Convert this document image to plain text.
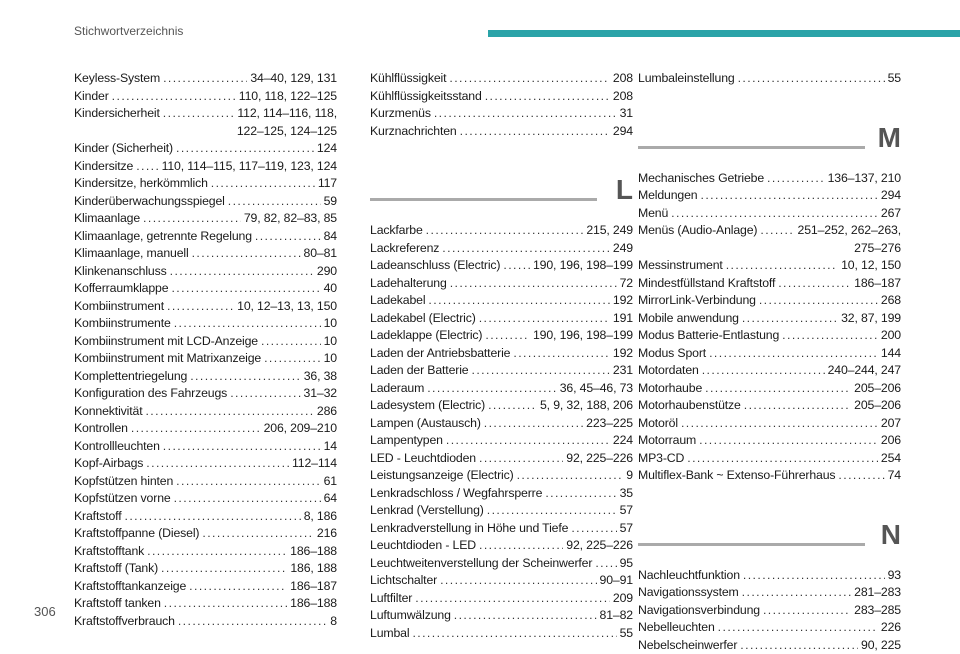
Stichwortverzeichnis
306
Keyless-System . . .	34–40, 129, 131
Kinder . . .	110, 118, 122–125
Kindersicherheit . . .	112, 114–116, 118,
122–125, 124–125
Kinder (Sicherheit) . . .	124
Kindersitze . . . 110, 114–115, 117–119, 123, 124
Kindersitze, herkömmlich . . .	117
Kinderüberwachungsspiegel . . .	59
Klimaanlage . . .	79, 82, 82–83, 85
Klimaanlage, getrennte Regelung . . .	84
Klimaanlage, manuell . . .	80–81
Klinkenanschluss . . .	290
Kofferraumklappe . . .	40
Kombiinstrument . . .	10, 12–13, 13, 150
Kombiinstrumente . . .	10
Kombiinstrument mit LCD-Anzeige . . .	10
Kombiinstrument mit Matrixanzeige . . .	10
Komplettentriegelung . . .	36, 38
Konfiguration des Fahrzeugs . . .	31–32
Konnektivität . . .	286
Kontrollen . . .	206, 209–210
Kontrollleuchten . . .	14
Kopf-Airbags . . .	112–114
Kopfstützen hinten . . .	61
Kopfstützen vorne . . .	64
Kraftstoff . . .	8, 186
Kraftstoffpanne (Diesel) . . .	216
Kraftstofftank . . .	186–188
Kraftstoff (Tank) . . .	186, 188
Kraftstofftankanzeige . . .	186–187
Kraftstoff tanken . . .	186–188
Kraftstoffverbrauch . . .	8
Kühlflüssigkeit . . .	208
Kühlflüssigkeitsstand . . .	208
Kurzmenüs . . .	31
Kurznachrichten . . .	294
L
Lackfarbe . . .	215, 249
Lackreferenz . . .	249
Ladeanschluss (Electric) . . .	190, 196, 198–199
Ladehalterung . . .	72
Ladekabel . . .	192
Ladekabel (Electric) . . .	191
Ladeklappe (Electric) . . .	190, 196, 198–199
Laden der Antriebsbatterie . . .	192
Laden der Batterie . . .	231
Laderaum . . .	36, 45–46, 73
Ladesystem (Electric) . . .	5, 9, 32, 188, 206
Lampen (Austausch) . . .	223–225
Lampentypen . . .	224
LED - Leuchtdioden . . .	92, 225–226
Leistungsanzeige (Electric) . . .	9
Lenkradschloss / Wegfahrsperre . . .	35
Lenkrad (Verstellung) . . .	57
Lenkradverstellung in Höhe und Tiefe . . .	57
Leuchtdioden - LED . . .	92, 225–226
Leuchtweitenverstellung der Scheinwerfer . . . 95
Lichtschalter . . .	90–91
Luftfilter . . .	209
Luftumwälzung . . .	81–82
Lumbal . . .	55
Lumbaleinstellung . . .	55
M
Mechanisches Getriebe . . .	136–137, 210
Meldungen . . .	294
Menü . . .	267
Menüs (Audio-Anlage) . . .	251–252, 262–263,
275–276
Messinstrument . . .	10, 12, 150
Mindestfüllstand Kraftstoff . . .	186–187
MirrorLink-Verbindung . . .	268
Mobile anwendung . . .	32, 87, 199
Modus Batterie-Entlastung . . .	200
Modus Sport . . .	144
Motordaten . . .	240–244, 247
Motorhaube . . .	205–206
Motorhaubenstütze . . .	205–206
Motoröl . . .	207
Motorraum . . .	206
MP3-CD . . .	254
Multiflex-Bank ~ Extenso-Führerhaus . . .	74
N
Nachleuchtfunktion . . .	93
Navigationssystem . . .	281–283
Navigationsverbindung . . .	283–285
Nebelleuchten . . .	226
Nebelscheinwerfer . . .	90, 225
